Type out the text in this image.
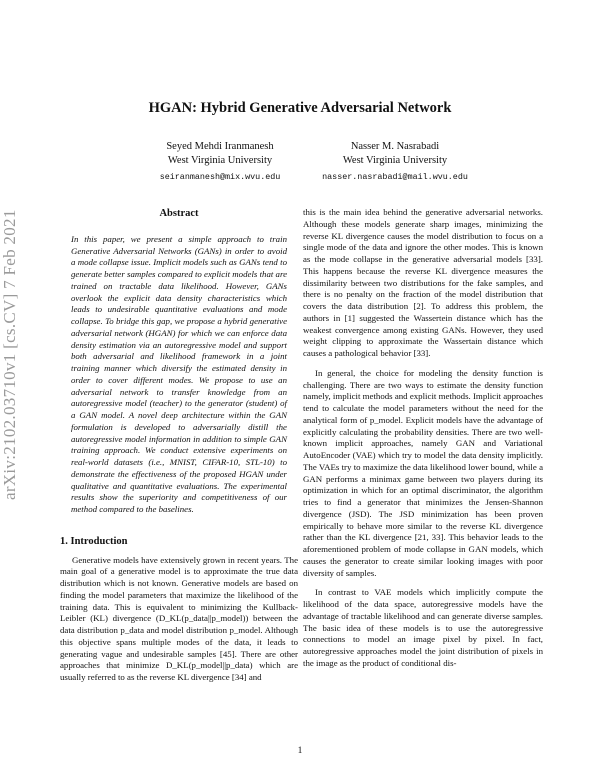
arXiv:2102.03710v1 [cs.CV] 7 Feb 2021
HGAN: Hybrid Generative Adversarial Network
Seyed Mehdi Iranmanesh
West Virginia University
seiranmanesh@mix.wvu.edu
Nasser M. Nasrabadi
West Virginia University
nasser.nasrabadi@mail.wvu.edu
Abstract

In this paper, we present a simple approach to train Generative Adversarial Networks (GANs) in order to avoid a mode collapse issue. Implicit models such as GANs tend to generate better samples compared to explicit models that are trained on tractable data likelihood. However, GANs overlook the explicit data density characteristics which leads to undesirable quantitative evaluations and mode collapse. To bridge this gap, we propose a hybrid generative adversarial network (HGAN) for which we can enforce data density estimation via an autoregressive model and support both adversarial and likelihood framework in a joint training manner which diversify the estimated density in order to cover different modes. We propose to use an adversarial network to transfer knowledge from an autoregressive model (teacher) to the generator (student) of a GAN model. A novel deep architecture within the GAN formulation is developed to adversarially distill the autoregressive model information in addition to simple GAN training approach. We conduct extensive experiments on real-world datasets (i.e., MNIST, CIFAR-10, STL-10) to demonstrate the effectiveness of the proposed HGAN under qualitative and quantitative evaluations. The experimental results show the superiority and competitiveness of our method compared to the baselines.

1. Introduction

Generative models have extensively grown in recent years. The main goal of a generative model is to approximate the true data distribution which is not known. Generative models are based on finding the model parameters that maximize the likelihood of the training data. This is equivalent to minimizing the Kullback-Leibler (KL) divergence (D_KL(p_data||p_model)) between the data distribution p_data and model distribution p_model. Although this objective spans multiple modes of the data, it leads to generating vague and undesirable samples [45]. There are other approaches that minimize D_KL(p_model||p_data) which are usually referred to as the reverse KL divergence [34] and

this is the main idea behind the generative adversarial networks. Although these models generate sharp images, minimizing the reverse KL divergence causes the model distribution to focus on a single mode of the data and ignore the other modes. This is known as the mode collapse in the generative adversarial models [33]. This happens because the reverse KL divergence measures the dissimilarity between two distributions for the fake samples, and there is no penalty on the fraction of the model distribution that covers the data distribution [2]. To address this problem, the authors in [1] suggested the Wassertein distance which has the weakest convergence among existing GANs. However, they used weight clipping to approximate the Wassertain distance which causes a pathological behavior [33].

In general, the choice for modeling the density function is challenging. There are two ways to estimate the density function namely, implicit methods and explicit methods. Implicit approaches tend to calculate the model parameters without the need for the analytical form of p_model. Explicit models have the advantage of explicitly calculating the probability densities. There are two well-known implicit approaches, namely GAN and Variational AutoEncoder (VAE) which try to model the data density implicitly. The VAEs try to maximize the data likelihood lower bound, while a GAN performs a minimax game between two players during its optimization in which for an optimal discriminator, the algorithm tries to find a generator that minimizes the Jensen-Shannon divergence (JSD). The JSD minimization has been proven empirically to behave more similar to the reverse KL divergence rather than the KL divergence [21, 33]. This behavior leads to the aforementioned problem of mode collapse in GAN models, which causes the generator to create similar looking images with poor diversity of samples.

In contrast to VAE models which implicitly compute the likelihood of the data space, autoregressive models have the advantage of tractable likelihood and can generate diverse samples. The basic idea of these models is to use the autoregressive connections to model an image pixel by pixel. In fact, autoregressive approaches model the joint distribution of pixels in the image as the product of conditional dis-

1
